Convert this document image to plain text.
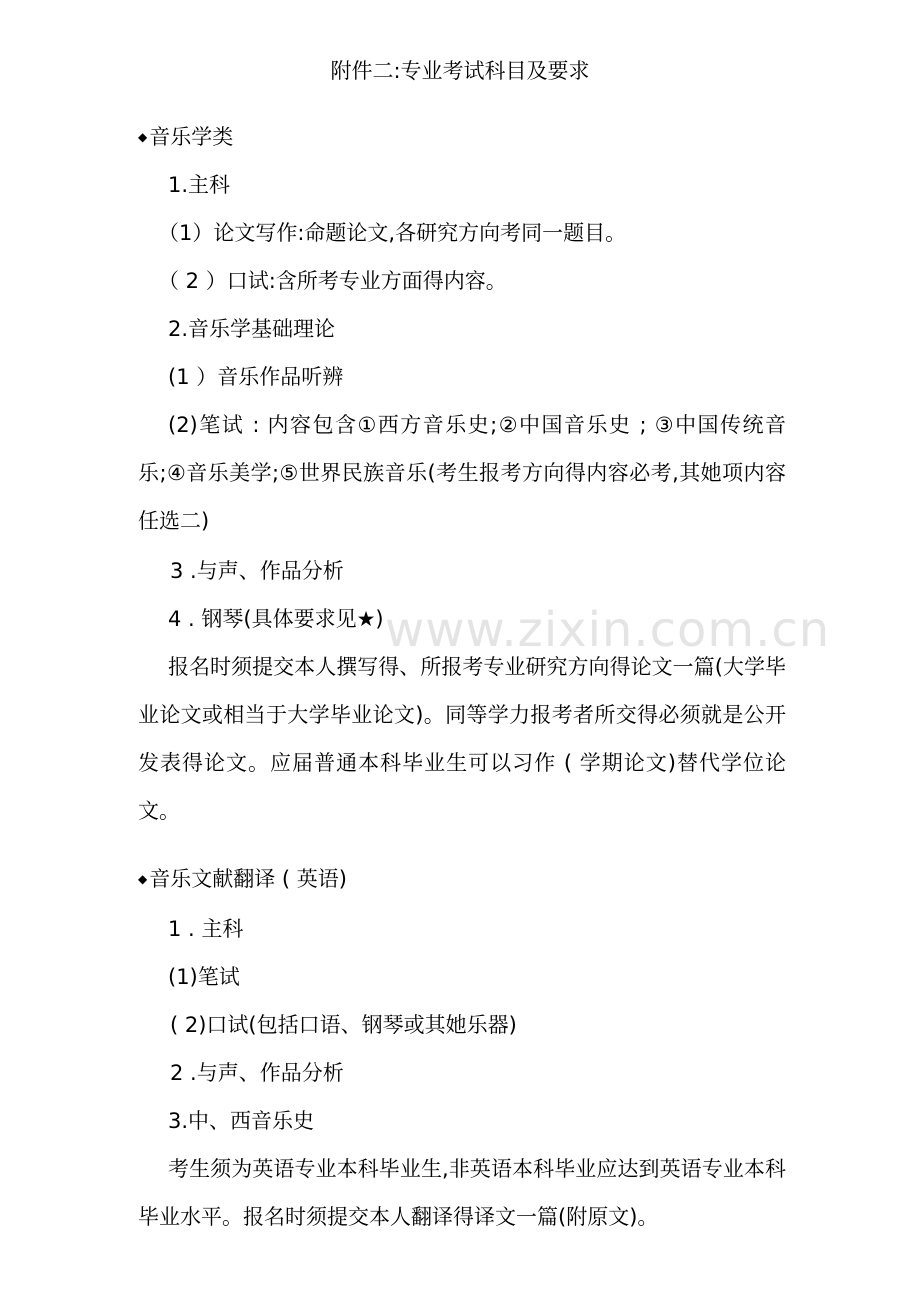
www.zixin.com.cn
附件二:专业考试科目及要求
◆音乐学类
1.主科
（1）论文写作:命题论文,各研究方向考同一题目。
（ 2 ）口试:含所考专业方面得内容。
2.音乐学基础理论
(1 ）音乐作品听辨
(2)笔试 : 内容包含①西方音乐史;②中国音乐史 ; ③中国传统音乐;④音乐美学;⑤世界民族音乐(考生报考方向得内容必考,其她项内容任选二)
3 .与声、作品分析
4 . 钢琴(具体要求见★)
报名时须提交本人撰写得、所报考专业研究方向得论文一篇(大学毕业论文或相当于大学毕业论文)。同等学力报考者所交得必须就是公开发表得论文。应届普通本科毕业生可以习作 ( 学期论文)替代学位论文。
◆音乐文献翻译 ( 英语)
1 . 主科
(1)笔试
( 2)口试(包括口语、钢琴或其她乐器)
2 .与声、作品分析
3.中、西音乐史
考生须为英语专业本科毕业生,非英语本科毕业应达到英语专业本科毕业水平。报名时须提交本人翻译得译文一篇(附原文)。
